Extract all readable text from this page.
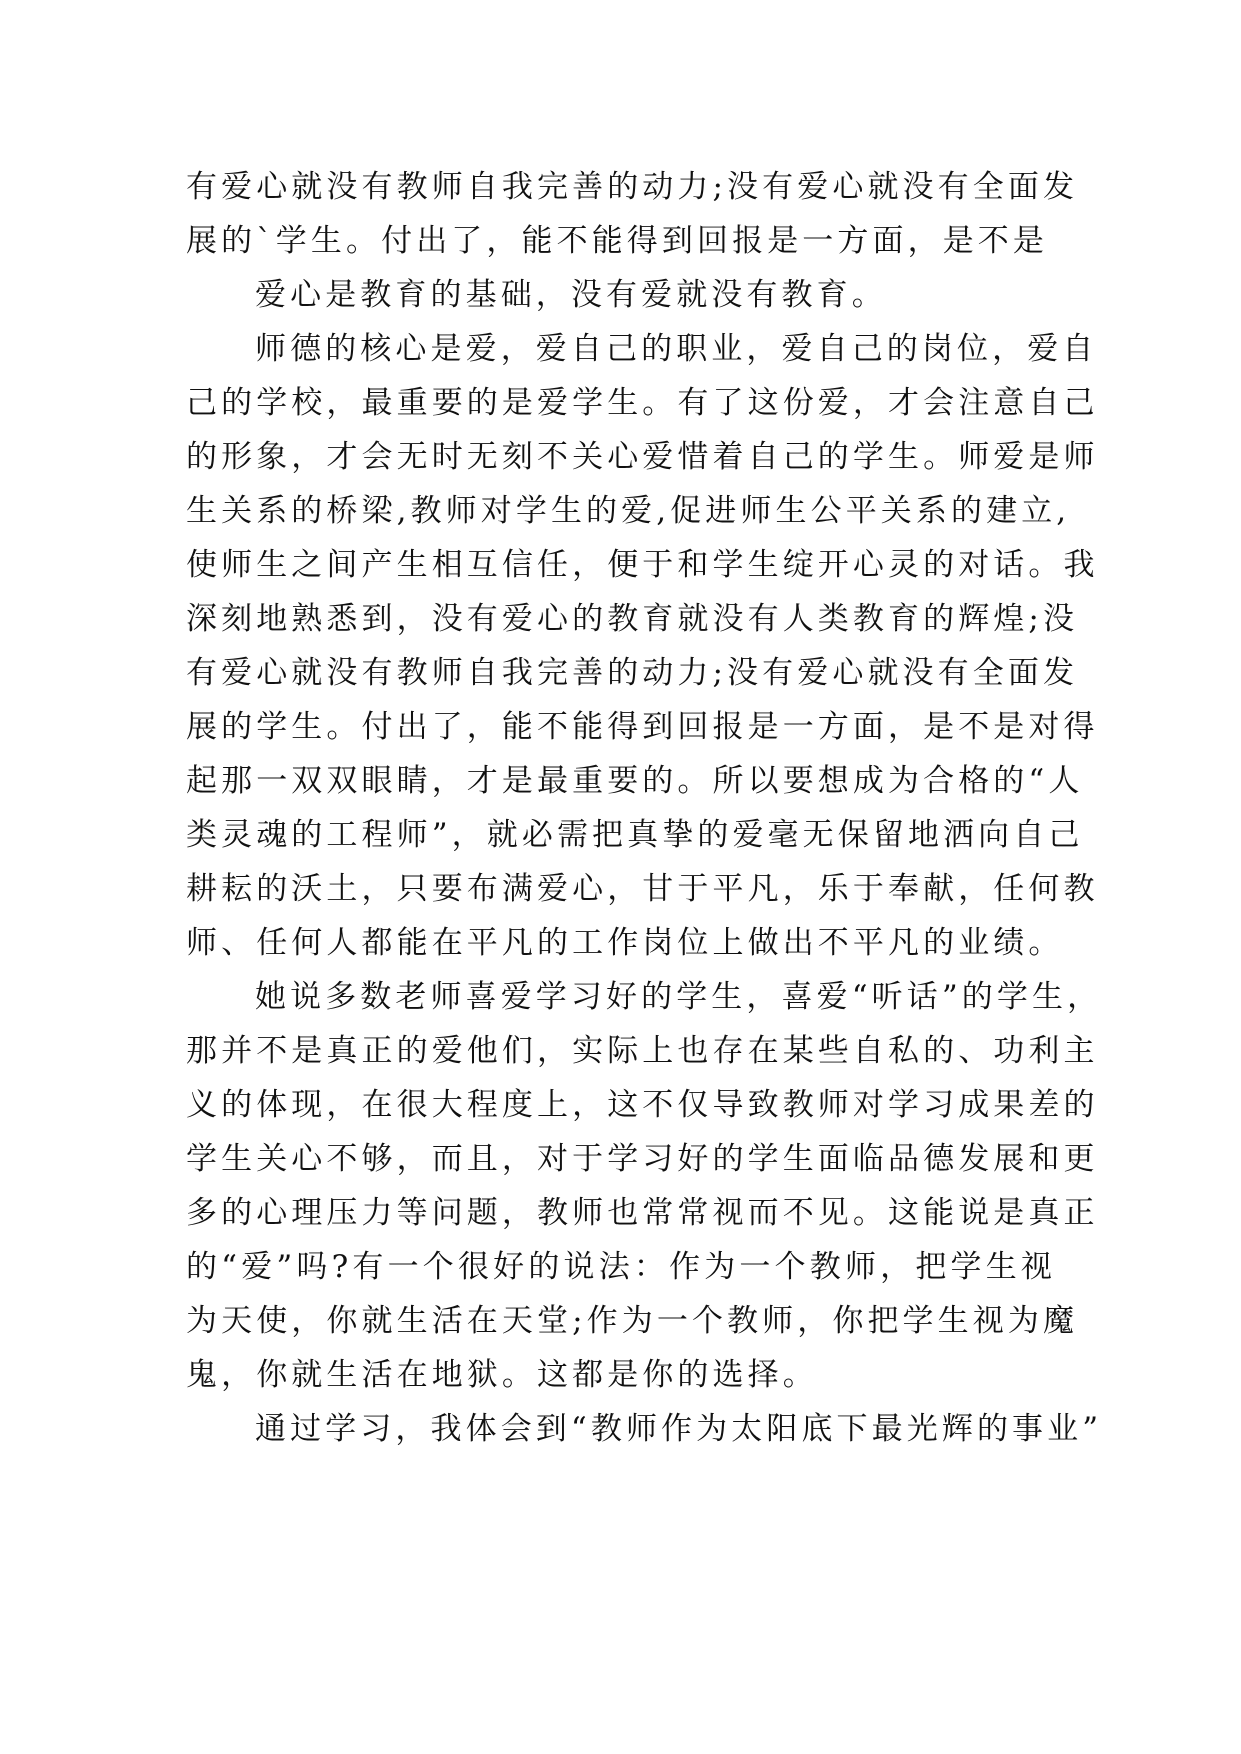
有爱心就没有教师自我完善的动力;没有爱心就没有全面发
展的`学生。付出了，能不能得到回报是一方面，是不是

爱心是教育的基础，没有爱就没有教育。

师德的核心是爱，爱自己的职业，爱自己的岗位，爱自
己的学校，最重要的是爱学生。有了这份爱，才会注意自己
的形象，才会无时无刻不关心爱惜着自己的学生。师爱是师
生关系的桥梁,教师对学生的爱,促进师生公平关系的建立,
使师生之间产生相互信任，便于和学生绽开心灵的对话。我
深刻地熟悉到，没有爱心的教育就没有人类教育的辉煌;没
有爱心就没有教师自我完善的动力;没有爱心就没有全面发
展的学生。付出了，能不能得到回报是一方面，是不是对得
起那一双双眼睛，才是最重要的。所以要想成为合格的“人
类灵魂的工程师”，就必需把真挚的爱毫无保留地洒向自己
耕耘的沃土，只要布满爱心，甘于平凡，乐于奉献，任何教
师、任何人都能在平凡的工作岗位上做出不平凡的业绩。

她说多数老师喜爱学习好的学生，喜爱“听话”的学生，
那并不是真正的爱他们，实际上也存在某些自私的、功利主
义的体现，在很大程度上，这不仅导致教师对学习成果差的
学生关心不够，而且，对于学习好的学生面临品德发展和更
多的心理压力等问题，教师也常常视而不见。这能说是真正
的“爱”吗?有一个很好的说法：作为一个教师，把学生视
为天使，你就生活在天堂;作为一个教师，你把学生视为魔
鬼，你就生活在地狱。这都是你的选择。

通过学习，我体会到“教师作为太阳底下最光辉的事业”
